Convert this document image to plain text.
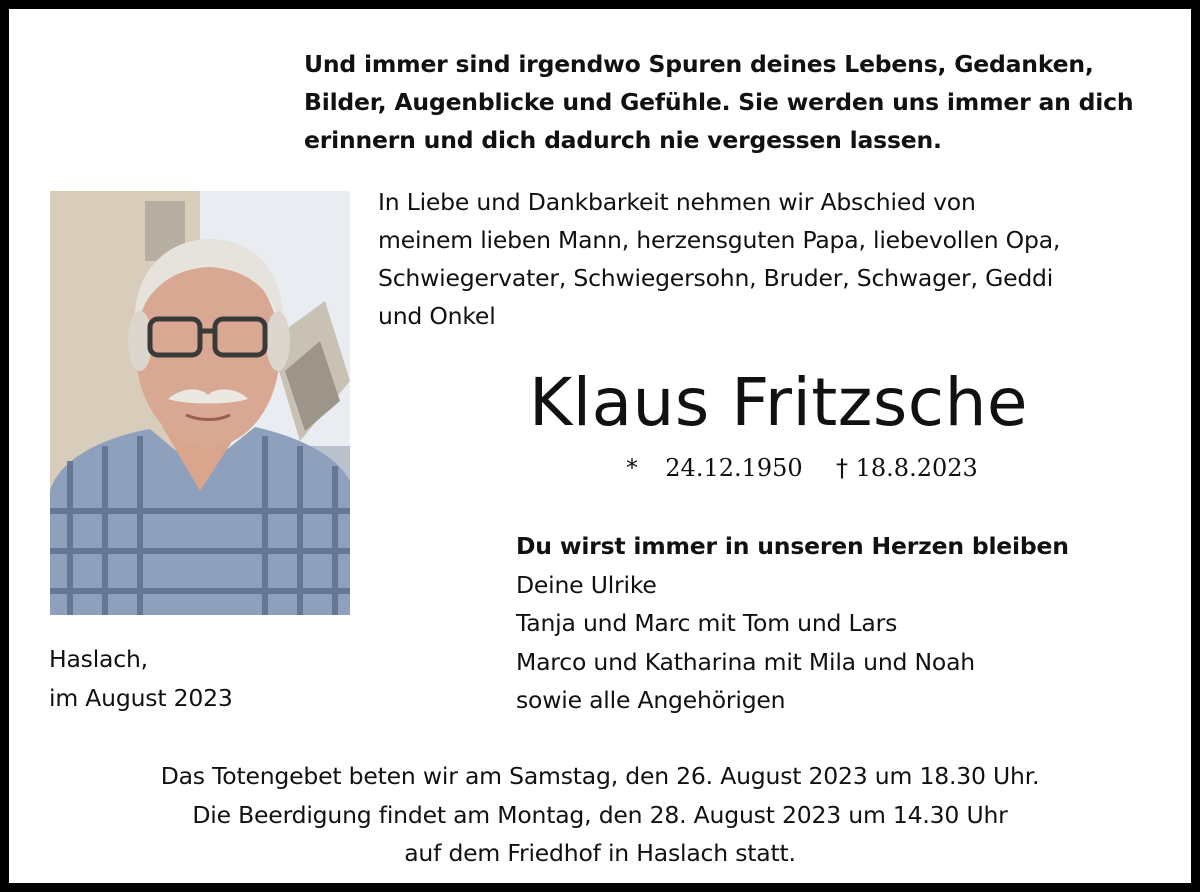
Und immer sind irgendwo Spuren deines Lebens, Gedanken,
Bilder, Augenblicke und Gefühle. Sie werden uns immer an dich
erinnern und dich dadurch nie vergessen lassen.
In Liebe und Dankbarkeit nehmen wir Abschied von
meinem lieben Mann, herzensguten Papa, liebevollen Opa,
Schwiegervater, Schwiegersohn, Bruder, Schwager, Geddi
und Onkel
Klaus Fritzsche
* 24.12.1950 † 18.8.2023
Du wirst immer in unseren Herzen bleiben
Deine Ulrike
Tanja und Marc mit Tom und Lars
Marco und Katharina mit Mila und Noah
sowie alle Angehörigen
Haslach,
im August 2023
Das Totengebet beten wir am Samstag, den 26. August 2023 um 18.30 Uhr.
Die Beerdigung findet am Montag, den 28. August 2023 um 14.30 Uhr
auf dem Friedhof in Haslach statt.
